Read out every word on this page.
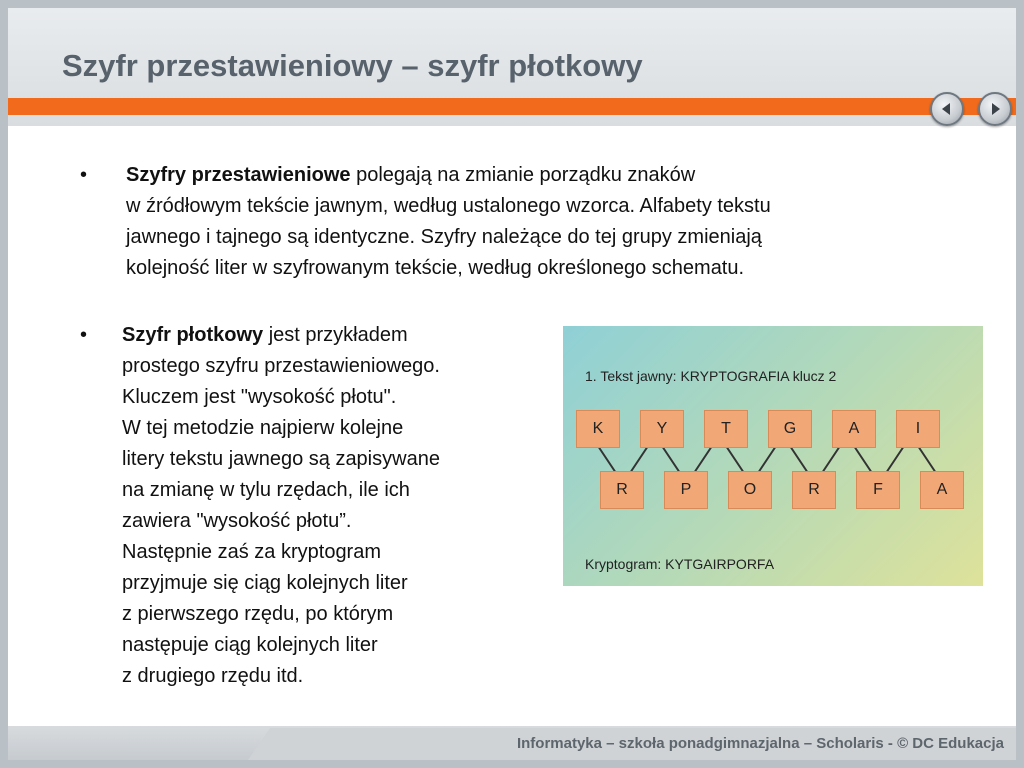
Szyfr przestawieniowy – szyfr płotkowy
Informatyka – szkoła ponadgimnazjalna – Scholaris - © DC Edukacja
• Szyfry przestawieniowe polegają na zmianie porządku znaków
w źródłowym tekście jawnym, według ustalonego wzorca. Alfabety tekstu
jawnego i tajnego są identyczne. Szyfry należące do tej grupy zmieniają
kolejność liter w szyfrowanym tekście, według określonego schematu.

• Szyfr płotkowy jest przykładem
prostego szyfru przestawieniowego.
Kluczem jest "wysokość płotu".
W tej metodzie najpierw kolejne
litery tekstu jawnego są zapisywane
na zmianę w tylu rzędach, ile ich
zawiera "wysokość płotu”.
Następnie zaś za kryptogram
przyjmuje się ciąg kolejnych liter
z pierwszego rzędu, po którym
następuje ciąg kolejnych liter
z drugiego rzędu itd.

1. Tekst jawny: KRYPTOGRAFIA klucz 2
K	Y	T	G	A	I
R	P	O	R	F	A
Kryptogram: KYTGAIRPORFA
